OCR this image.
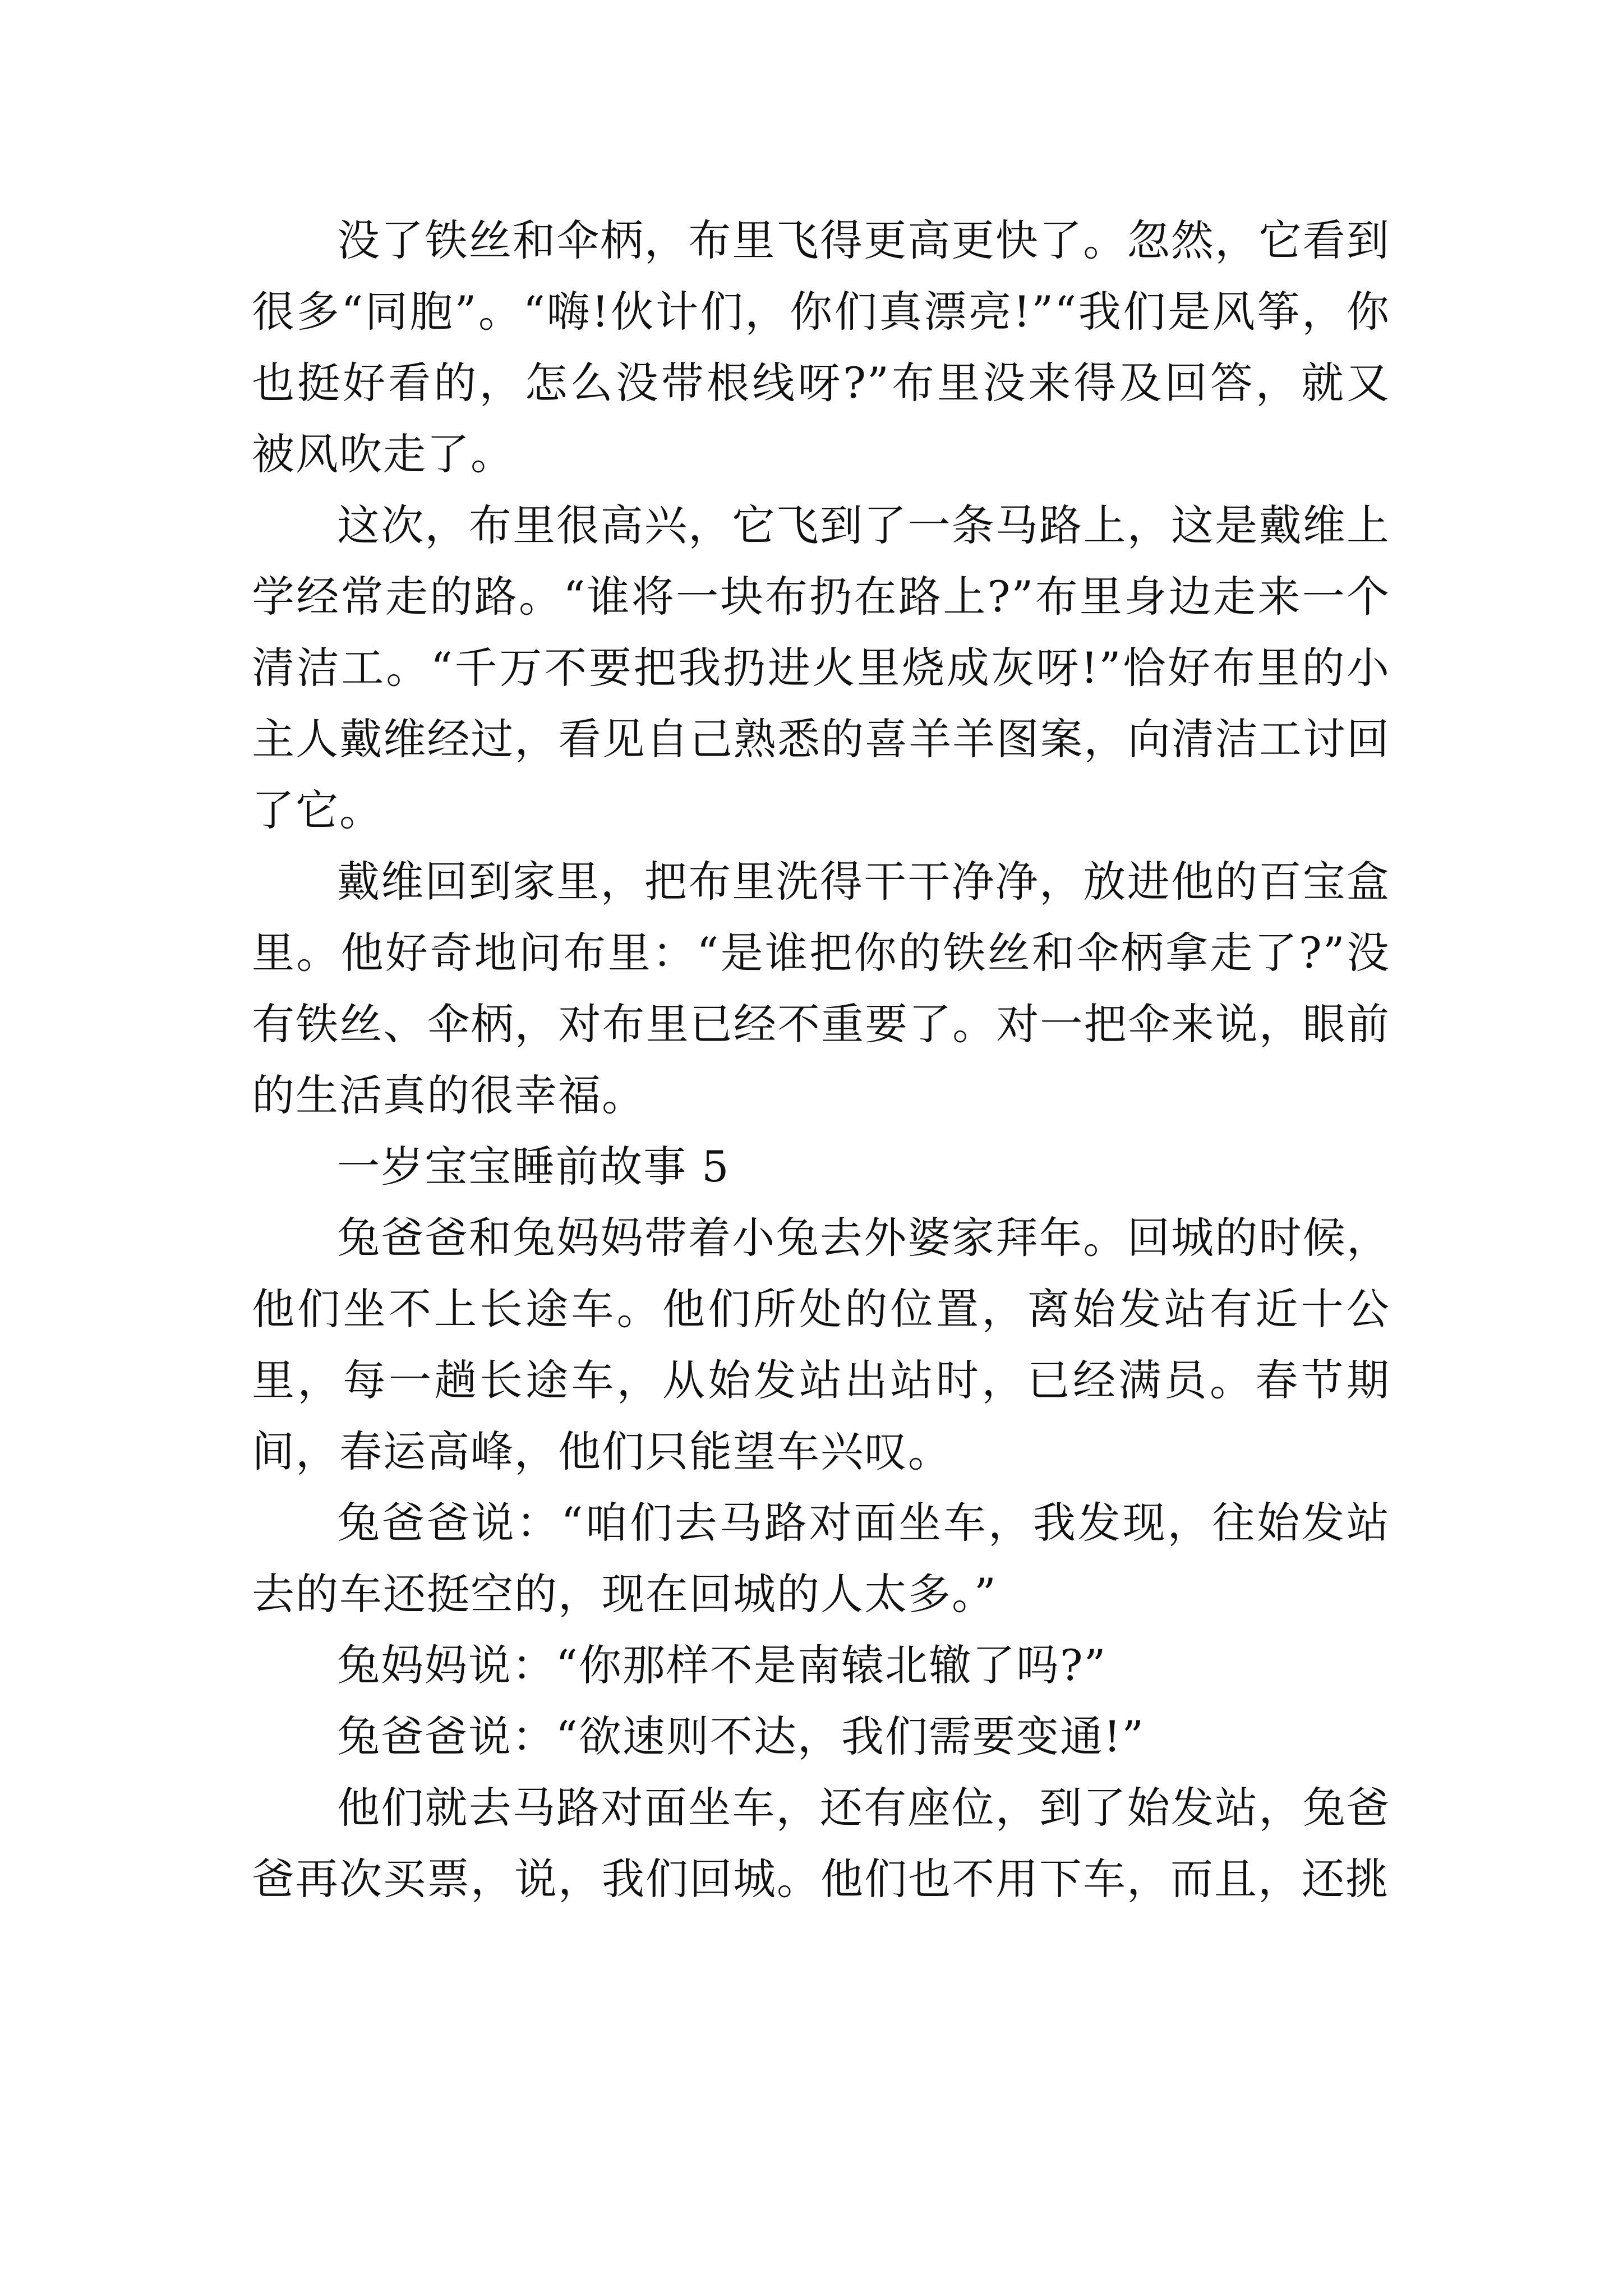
没了铁丝和伞柄，布里飞得更高更快了。忽然，它看到很多“同胞”。“嗨!伙计们，你们真漂亮!”“我们是风筝，你也挺好看的，怎么没带根线呀?”布里没来得及回答，就又被风吹走了。

这次，布里很高兴，它飞到了一条马路上，这是戴维上学经常走的路。“谁将一块布扔在路上?”布里身边走来一个清洁工。“千万不要把我扔进火里烧成灰呀!”恰好布里的小主人戴维经过，看见自己熟悉的喜羊羊图案，向清洁工讨回了它。

戴维回到家里，把布里洗得干干净净，放进他的百宝盒里。他好奇地问布里：“是谁把你的铁丝和伞柄拿走了?”没有铁丝、伞柄，对布里已经不重要了。对一把伞来说，眼前的生活真的很幸福。

一岁宝宝睡前故事 5

兔爸爸和兔妈妈带着小兔去外婆家拜年。回城的时候，他们坐不上长途车。他们所处的位置，离始发站有近十公里，每一趟长途车，从始发站出站时，已经满员。春节期间，春运高峰，他们只能望车兴叹。

兔爸爸说：“咱们去马路对面坐车，我发现，往始发站去的车还挺空的，现在回城的人太多。”

兔妈妈说：“你那样不是南辕北辙了吗?”

兔爸爸说：“欲速则不达，我们需要变通!”

他们就去马路对面坐车，还有座位，到了始发站，兔爸爸再次买票，说，我们回城。他们也不用下车，而且，还挑
